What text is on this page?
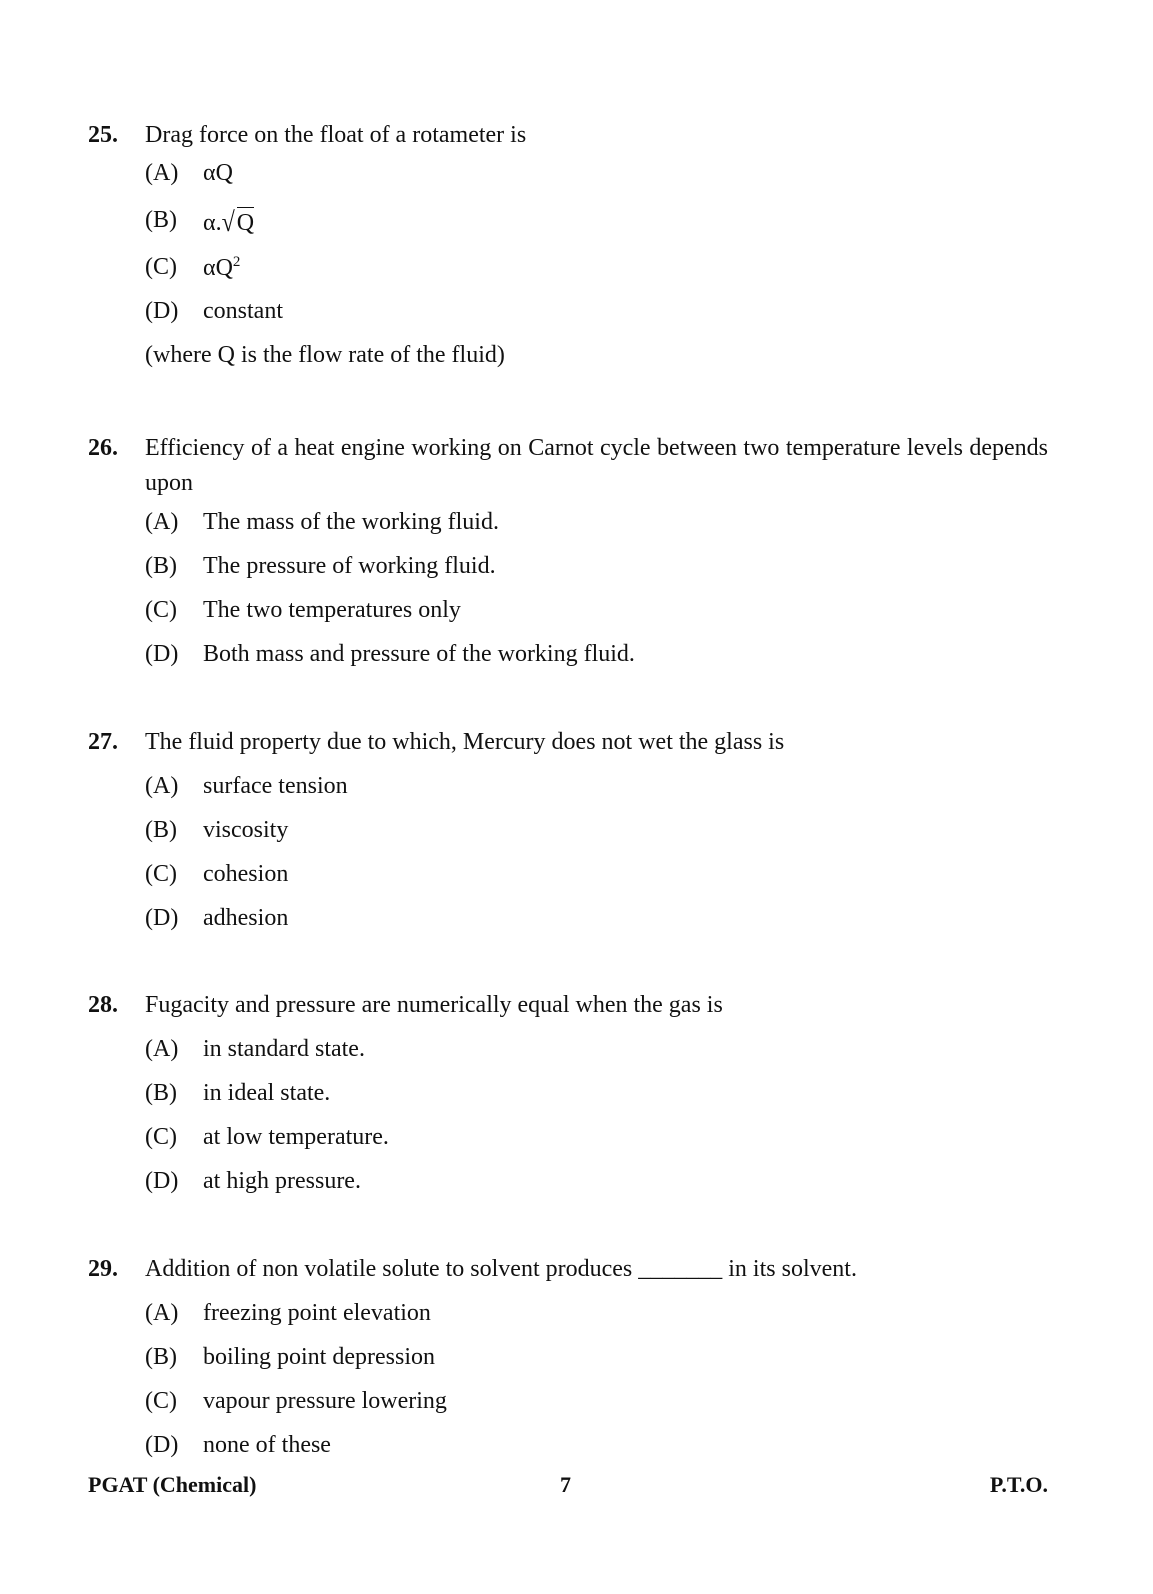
25.	Drag force on the float of a rotameter is
(A)	αQ
(B)	α.√Q
(C)	$\alpha Q^2$
(D)	constant
(where Q is the flow rate of the fluid)
26.	Efficiency of a heat engine working on Carnot cycle between two temperature levels depends upon
(A)	The mass of the working fluid.
(B)	The pressure of working fluid.
(C)	The two temperatures only
(D)	Both mass and pressure of the working fluid.
27.	The fluid property due to which, Mercury does not wet the glass is
(A)	surface tension
(B)	viscosity
(C)	cohesion
(D)	adhesion
28.	Fugacity and pressure are numerically equal when the gas is
(A)	in standard state.
(B)	in ideal state.
(C)	at low temperature.
(D)	at high pressure.
29.	Addition of non volatile solute to solvent produces _______ in its solvent.
(A)	freezing point elevation
(B)	boiling point depression
(C)	vapour pressure lowering
(D)	none of these
PGAT (Chemical)	7	P.T.O.
